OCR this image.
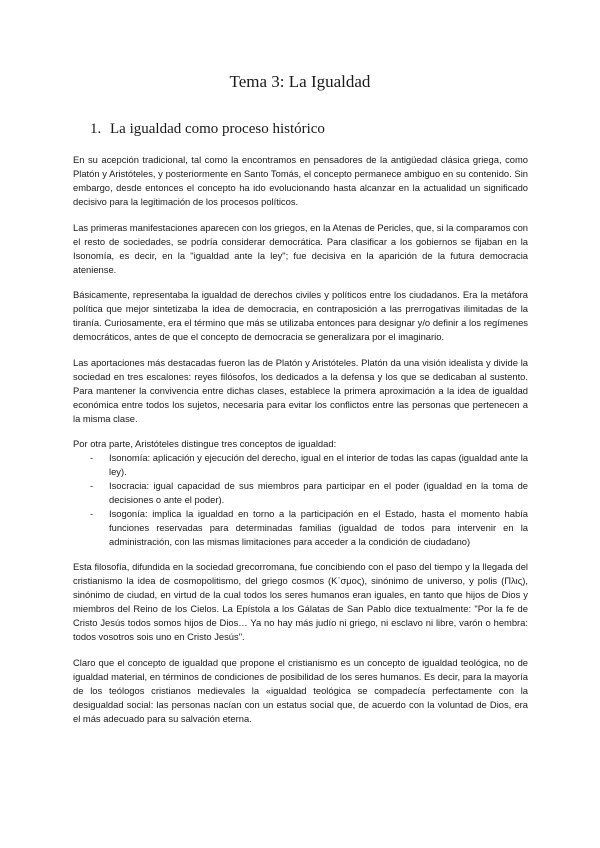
Tema 3: La Igualdad
1. La igualdad como proceso histórico

En su acepción tradicional, tal como la encontramos en pensadores de la antigüedad clásica griega, como Platón y Aristóteles, y posteriormente en Santo Tomás, el concepto permanece ambiguo en su contenido. Sin embargo, desde entonces el concepto ha ido evolucionando hasta alcanzar en la actualidad un significado decisivo para la legitimación de los procesos políticos.

Las primeras manifestaciones aparecen con los griegos, en la Atenas de Pericles, que, si la comparamos con el resto de sociedades, se podría considerar democrática. Para clasificar a los gobiernos se fijaban en la Isonomía, es decir, en la "igualdad ante la ley"; fue decisiva en la aparición de la futura democracia ateniense.

Básicamente, representaba la igualdad de derechos civiles y políticos entre los ciudadanos. Era la metáfora política que mejor sintetizaba la idea de democracia, en contraposición a las prerrogativas ilimitadas de la tiranía. Curiosamente, era el término que más se utilizaba entonces para designar y/o definir a los regímenes democráticos, antes de que el concepto de democracia se generalizara por el imaginario.

Las aportaciones más destacadas fueron las de Platón y Aristóteles. Platón da una visión idealista y divide la sociedad en tres escalones: reyes filósofos, los dedicados a la defensa y los que se dedicaban al sustento. Para mantener la convivencia entre dichas clases, establece la primera aproximación a la idea de igualdad económica entre todos los sujetos, necesaria para evitar los conflictos entre las personas que pertenecen a la misma clase.

Por otra parte, Aristóteles distingue tres conceptos de igualdad:

- Isonomía: aplicación y ejecución del derecho, igual en el interior de todas las capas (igualdad ante la ley).
- Isocracia: igual capacidad de sus miembros para participar en el poder (igualdad en la toma de decisiones o ante el poder).
- Isogonía: implica la igualdad en torno a la participación en el Estado, hasta el momento había funciones reservadas para determinadas familias (igualdad de todos para intervenir en la administración, con las mismas limitaciones para acceder a la condición de ciudadano)

Esta filosofía, difundida en la sociedad grecorromana, fue concibiendo con el paso del tiempo y la llegada del cristianismo la idea de cosmopolitismo, del griego cosmos (Κ᾽σμος), sinónimo de universo, y polis (Πλις), sinónimo de ciudad, en virtud de la cual todos los seres humanos eran iguales, en tanto que hijos de Dios y miembros del Reino de los Cielos. La Epístola a los Gálatas de San Pablo dice textualmente: "Por la fe de Cristo Jesús todos somos hijos de Dios… Ya no hay más judío ni griego, ni esclavo ni libre, varón o hembra: todos vosotros sois uno en Cristo Jesús".

Claro que el concepto de igualdad que propone el cristianismo es un concepto de igualdad teológica, no de igualdad material, en términos de condiciones de posibilidad de los seres humanos. Es decir, para la mayoría de los teólogos cristianos medievales la «igualdad teológica se compadecía perfectamente con la desigualdad social: las personas nacían con un estatus social que, de acuerdo con la voluntad de Dios, era el más adecuado para su salvación eterna.
